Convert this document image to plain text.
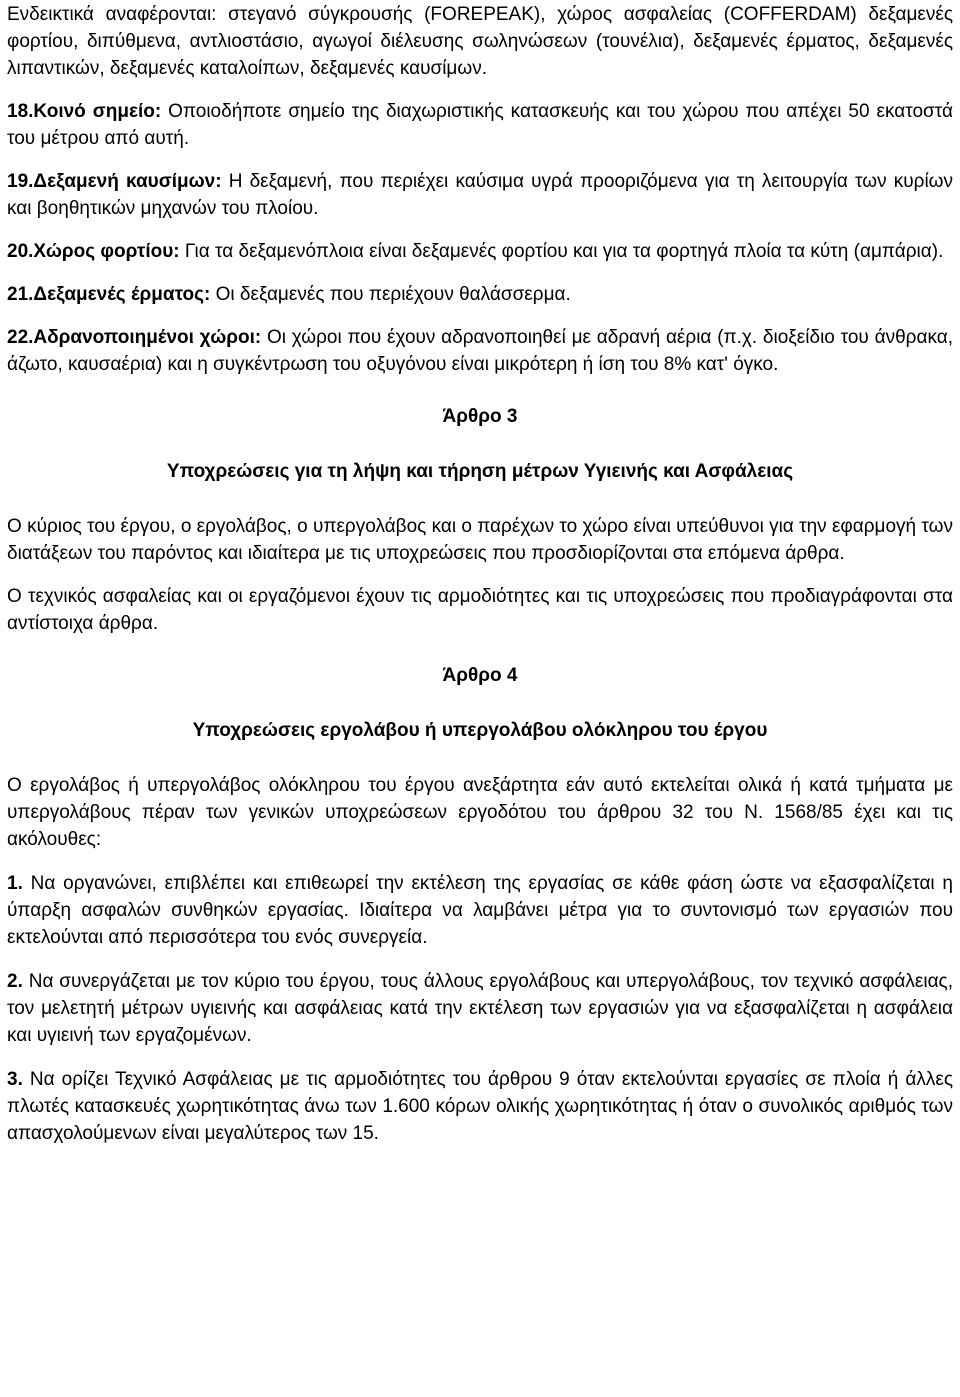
Ενδεικτικά αναφέρονται: στεγανό σύγκρουσής (FOREPEAK), χώρος ασφαλείας (COFFERDAM) δεξαμενές φορτίου, διπύθμενα, αντλιοστάσιο, αγωγοί διέλευσης σωληνώσεων (τουνέλια), δεξαμενές έρματος, δεξαμενές λιπαντικών, δεξαμενές καταλοίπων, δεξαμενές καυσίμων.

18.Κοινό σημείο: Οποιοδήποτε σημείο της διαχωριστικής κατασκευής και του χώρου που απέχει 50 εκατοστά του μέτρου από αυτή.

19.Δεξαμενή καυσίμων: Η δεξαμενή, που περιέχει καύσιμα υγρά προοριζόμενα για τη λειτουργία των κυρίων και βοηθητικών μηχανών του πλοίου.

20.Χώρος φορτίου: Για τα δεξαμενόπλοια είναι δεξαμενές φορτίου και για τα φορτηγά πλοία τα κύτη (αμπάρια).

21.Δεξαμενές έρματος: Οι δεξαμενές που περιέχουν θαλάσσερμα.

22.Αδρανοποιημένοι χώροι: Οι χώροι που έχουν αδρανοποιηθεί με αδρανή αέρια (π.χ. διοξείδιο του άνθρακα, άζωτο, καυσαέρια) και η συγκέντρωση του οξυγόνου είναι μικρότερη ή ίση του 8% κατ' όγκο.

Άρθρο 3

Υποχρεώσεις για τη λήψη και τήρηση μέτρων Υγιεινής και Ασφάλειας

Ο κύριος του έργου, ο εργολάβος, ο υπεργολάβος και ο παρέχων το χώρο είναι υπεύθυνοι για την εφαρμογή των διατάξεων του παρόντος και ιδιαίτερα με τις υποχρεώσεις που προσδιορίζονται στα επόμενα άρθρα.

Ο τεχνικός ασφαλείας και οι εργαζόμενοι έχουν τις αρμοδιότητες και τις υποχρεώσεις που προδιαγράφονται στα αντίστοιχα άρθρα.

Άρθρο 4

Υποχρεώσεις εργολάβου ή υπεργολάβου ολόκληρου του έργου

Ο εργολάβος ή υπεργολάβος ολόκληρου του έργου ανεξάρτητα εάν αυτό εκτελείται ολικά ή κατά τμήματα με υπεργολάβους πέραν των γενικών υποχρεώσεων εργοδότου του άρθρου 32 του Ν. 1568/85 έχει και τις ακόλουθες:

1. Να οργανώνει, επιβλέπει και επιθεωρεί την εκτέλεση της εργασίας σε κάθε φάση ώστε να εξασφαλίζεται η ύπαρξη ασφαλών συνθηκών εργασίας. Ιδιαίτερα να λαμβάνει μέτρα για το συντονισμό των εργασιών που εκτελούνται από περισσότερα του ενός συνεργεία.

2. Να συνεργάζεται με τον κύριο του έργου, τους άλλους εργολάβους και υπεργολάβους, τον τεχνικό ασφάλειας, τον μελετητή μέτρων υγιεινής και ασφάλειας κατά την εκτέλεση των εργασιών για να εξασφαλίζεται η ασφάλεια και υγιεινή των εργαζομένων.

3. Να ορίζει Τεχνικό Ασφάλειας με τις αρμοδιότητες του άρθρου 9 όταν εκτελούνται εργασίες σε πλοία ή άλλες πλωτές κατασκευές χωρητικότητας άνω των 1.600 κόρων ολικής χωρητικότητας ή όταν ο συνολικός αριθμός των απασχολούμενων είναι μεγαλύτερος των 15.
